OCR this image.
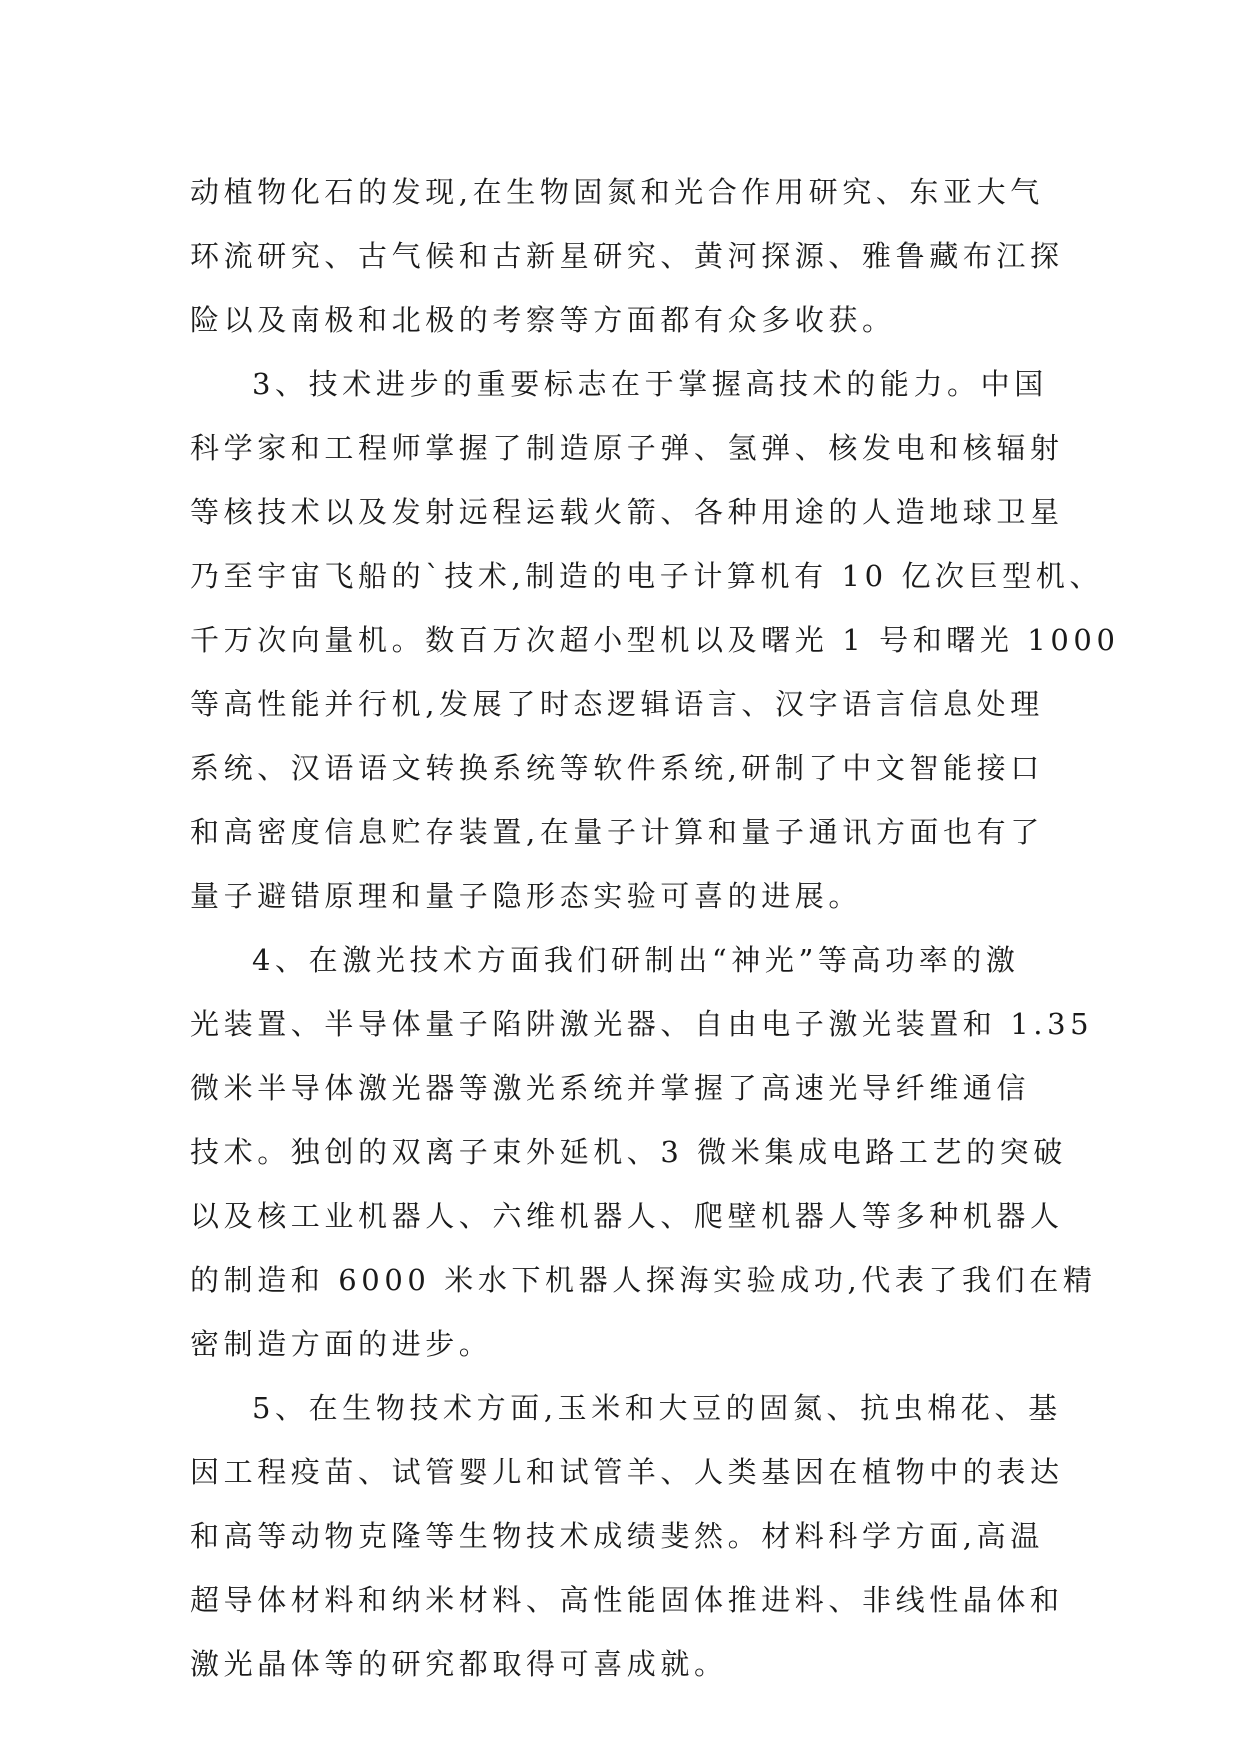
动植物化石的发现,在生物固氮和光合作用研究、东亚大气

环流研究、古气候和古新星研究、黄河探源、雅鲁藏布江探

险以及南极和北极的考察等方面都有众多收获。

3、技术进步的重要标志在于掌握高技术的能力。中国

科学家和工程师掌握了制造原子弹、氢弹、核发电和核辐射

等核技术以及发射远程运载火箭、各种用途的人造地球卫星

乃至宇宙飞船的`技术,制造的电子计算机有 10 亿次巨型机、

千万次向量机。数百万次超小型机以及曙光 1 号和曙光 1000

等高性能并行机,发展了时态逻辑语言、汉字语言信息处理

系统、汉语语文转换系统等软件系统,研制了中文智能接口

和高密度信息贮存装置,在量子计算和量子通讯方面也有了

量子避错原理和量子隐形态实验可喜的进展。

4、在激光技术方面我们研制出“神光”等高功率的激

光装置、半导体量子陷阱激光器、自由电子激光装置和 1.35

微米半导体激光器等激光系统并掌握了高速光导纤维通信

技术。独创的双离子束外延机、3 微米集成电路工艺的突破

以及核工业机器人、六维机器人、爬壁机器人等多种机器人

的制造和 6000 米水下机器人探海实验成功,代表了我们在精

密制造方面的进步。

5、在生物技术方面,玉米和大豆的固氮、抗虫棉花、基

因工程疫苗、试管婴儿和试管羊、人类基因在植物中的表达

和高等动物克隆等生物技术成绩斐然。材料科学方面,高温

超导体材料和纳米材料、高性能固体推进料、非线性晶体和

激光晶体等的研究都取得可喜成就。
